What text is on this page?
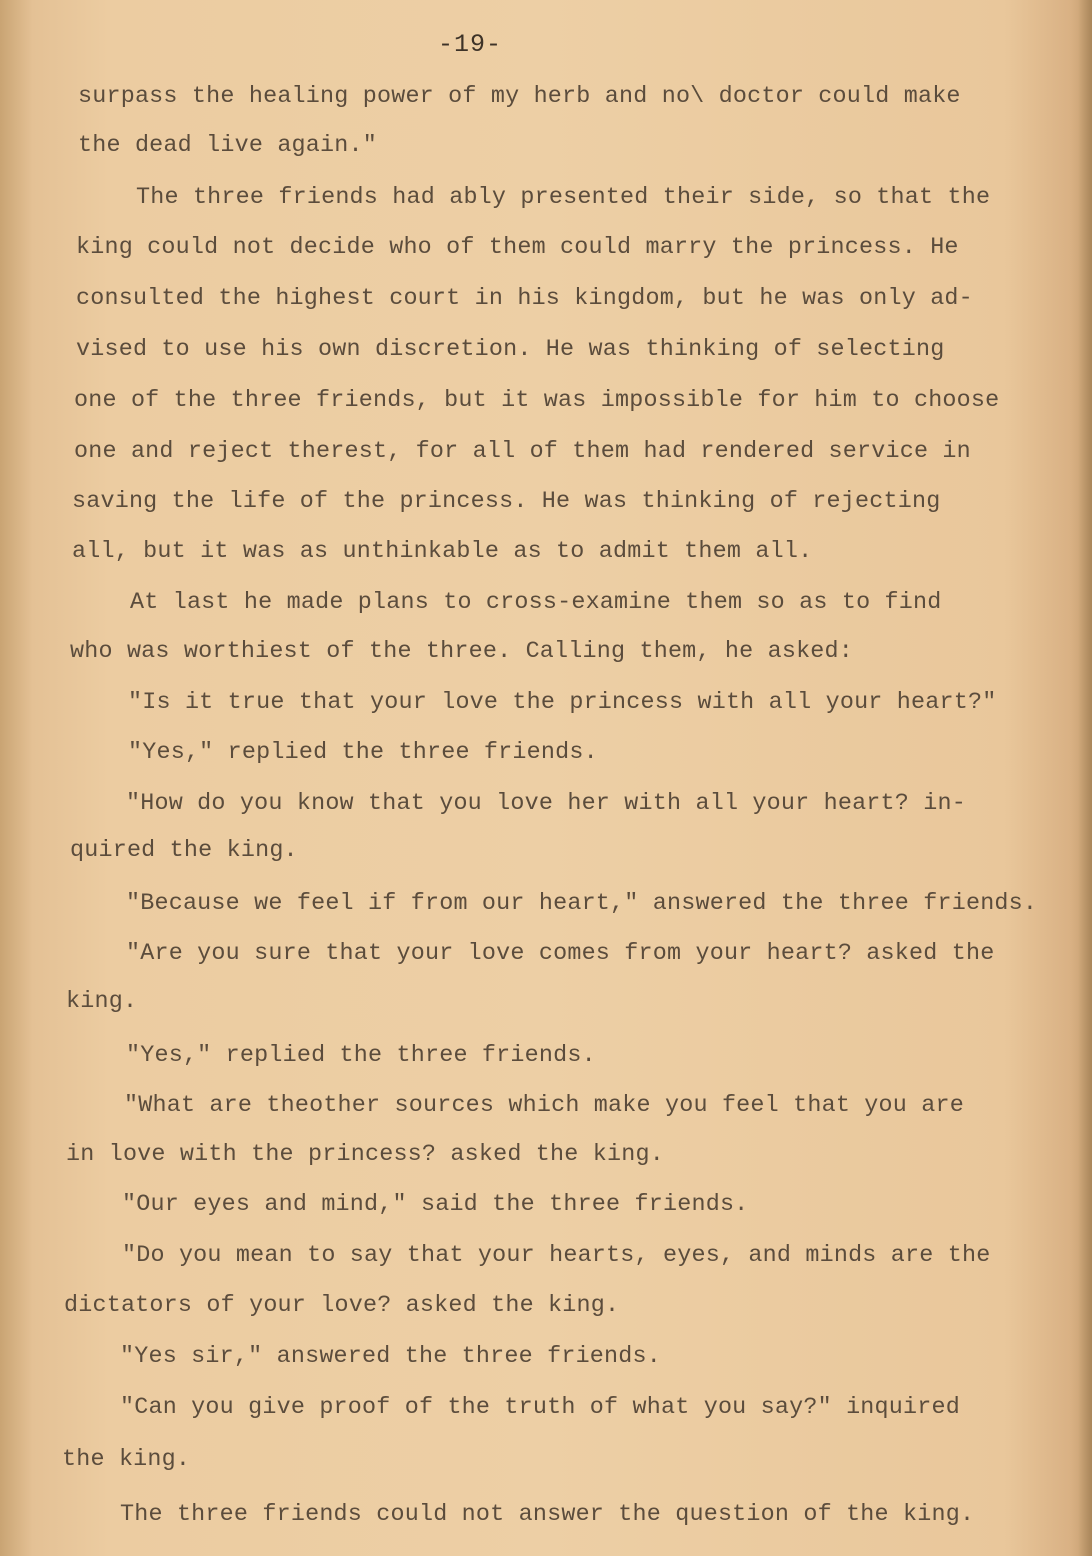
-19-
surpass the healing power of my herb and no\ doctor could make
the dead live again."
The three friends had ably presented their side, so that the
king could not decide who of them could marry the princess. He
consulted the highest court in his kingdom, but he was only ad-
vised to use his own discretion. He was thinking of selecting
one of the three friends, but it was impossible for him to choose
one and reject therest, for all of them had rendered service in
saving the life of the princess. He was thinking of rejecting
all, but it was as unthinkable as to admit them all.
At last he made plans to cross-examine them so as to find
who was worthiest of the three. Calling them, he asked:
"Is it true that your love the princess with all your heart?"
"Yes," replied the three friends.
"How do you know that you love her with all your heart? in-
quired the king.
"Because we feel if from our heart," answered the three friends.
"Are you sure that your love comes from your heart? asked the
king.
"Yes," replied the three friends.
"What are theother sources which make you feel that you are
in love with the princess? asked the king.
"Our eyes and mind," said the three friends.
"Do you mean to say that your hearts, eyes, and minds are the
dictators of your love? asked the king.
"Yes sir," answered the three friends.
"Can you give proof of the truth of what you say?" inquired
the king.
The three friends could not answer the question of the king.
